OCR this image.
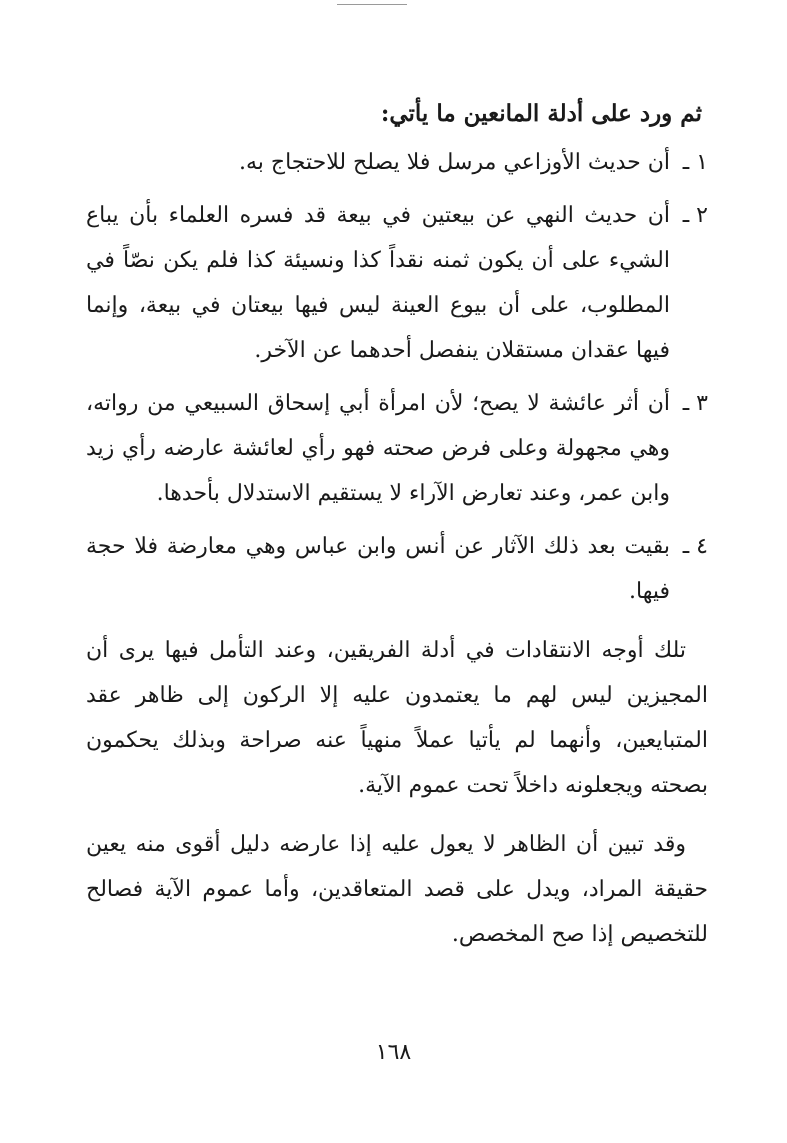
ثم ورد على أدلة المانعين ما يأتي:

١ ـ
أن حديث الأوزاعي مرسل فلا يصلح للاحتجاج به.
٢ ـ
أن حديث النهي عن بيعتين في بيعة قد فسره العلماء بأن يباع الشيء على أن يكون ثمنه نقداً كذا ونسيئة كذا فلم يكن نصّاً في المطلوب، على أن بيوع العينة ليس فيها بيعتان في بيعة، وإنما فيها عقدان مستقلان ينفصل أحدهما عن الآخر.
٣ ـ
أن أثر عائشة لا يصح؛ لأن امرأة أبي إسحاق السبيعي من رواته، وهي مجهولة وعلى فرض صحته فهو رأي لعائشة عارضه رأي زيد وابن عمر، وعند تعارض الآراء لا يستقيم الاستدلال بأحدها.
٤ ـ
بقيت بعد ذلك الآثار عن أنس وابن عباس وهي معارضة فلا حجة فيها.

تلك أوجه الانتقادات في أدلة الفريقين، وعند التأمل فيها يرى أن المجيزين ليس لهم ما يعتمدون عليه إلا الركون إلى ظاهر عقد المتبايعين، وأنهما لم يأتيا عملاً منهياً عنه صراحة وبذلك يحكمون بصحته ويجعلونه داخلاً تحت عموم الآية.

وقد تبين أن الظاهر لا يعول عليه إذا عارضه دليل أقوى منه يعين حقيقة المراد، ويدل على قصد المتعاقدين، وأما عموم الآية فصالح للتخصيص إذا صح المخصص.

١٦٨
